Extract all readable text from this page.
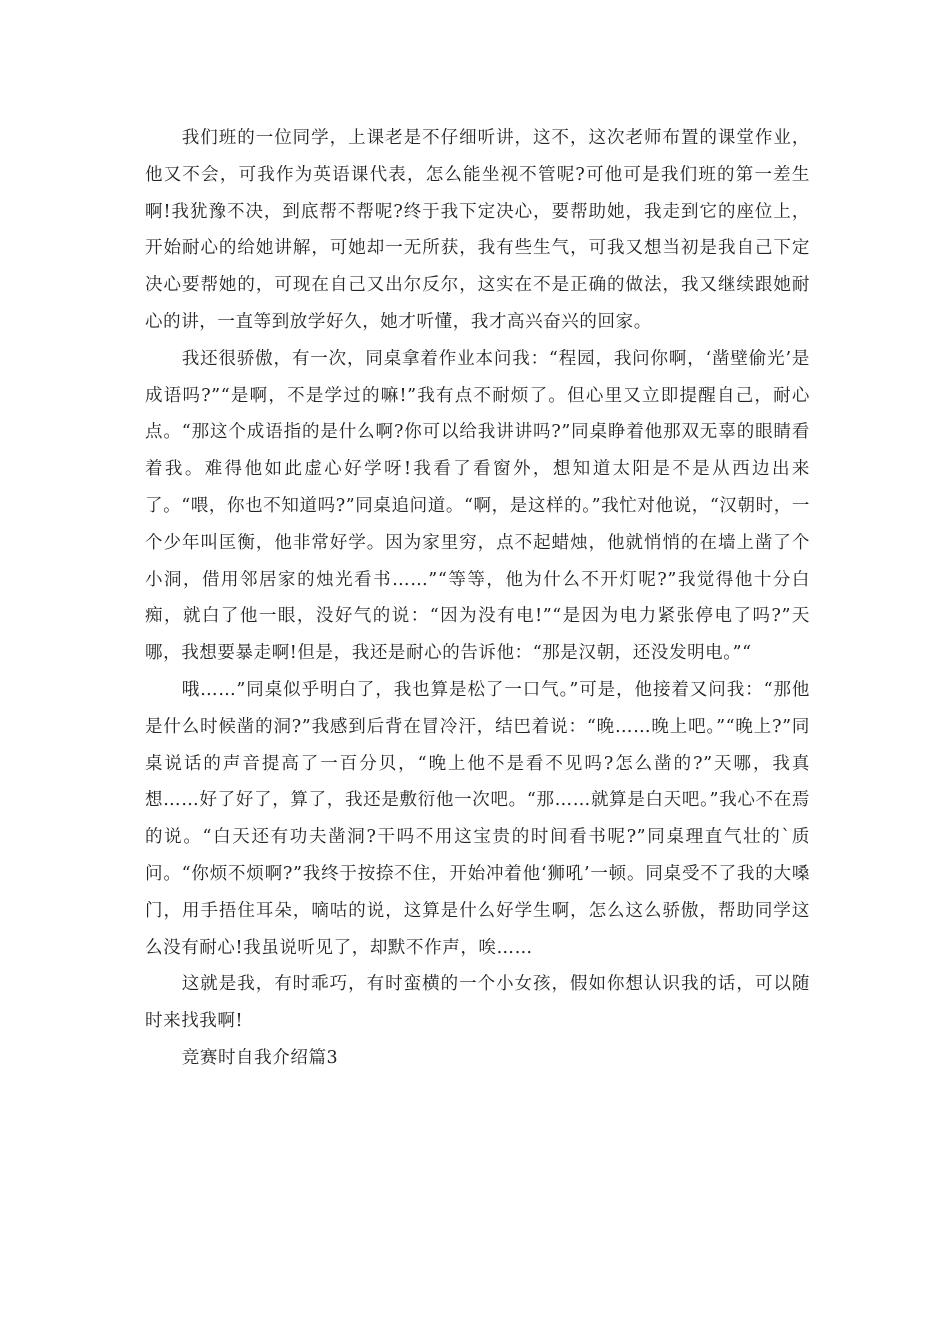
我们班的一位同学，上课老是不仔细听讲，这不，这次老师布置的课堂作业，他又不会，可我作为英语课代表，怎么能坐视不管呢?可他可是我们班的第一差生啊!我犹豫不决，到底帮不帮呢?终于我下定决心，要帮助她，我走到它的座位上，开始耐心的给她讲解，可她却一无所获，我有些生气，可我又想当初是我自己下定决心要帮她的，可现在自己又出尔反尔，这实在不是正确的做法，我又继续跟她耐心的讲，一直等到放学好久，她才听懂，我才高兴奋兴的回家。

我还很骄傲，有一次，同桌拿着作业本问我：“程园，我问你啊，‘凿壁偷光’是成语吗?”“是啊，不是学过的嘛!”我有点不耐烦了。但心里又立即提醒自己，耐心点。“那这个成语指的是什么啊?你可以给我讲讲吗?”同桌睁着他那双无辜的眼睛看着我。难得他如此虚心好学呀!我看了看窗外，想知道太阳是不是从西边出来了。“喂，你也不知道吗?”同桌追问道。“啊，是这样的。”我忙对他说，“汉朝时，一个少年叫匡衡，他非常好学。因为家里穷，点不起蜡烛，他就悄悄的在墙上凿了个小洞，借用邻居家的烛光看书……”“等等，他为什么不开灯呢?”我觉得他十分白痴，就白了他一眼，没好气的说：“因为没有电!”“是因为电力紧张停电了吗?”天哪，我想要暴走啊!但是，我还是耐心的告诉他：“那是汉朝，还没发明电。”“

哦……”同桌似乎明白了，我也算是松了一口气。”可是，他接着又问我：“那他是什么时候凿的洞?”我感到后背在冒冷汗，结巴着说：“晚……晚上吧。”“晚上?”同桌说话的声音提高了一百分贝，“晚上他不是看不见吗?怎么凿的?”天哪，我真想……好了好了，算了，我还是敷衍他一次吧。“那……就算是白天吧。”我心不在焉的说。“白天还有功夫凿洞?干吗不用这宝贵的时间看书呢?”同桌理直气壮的`质问。“你烦不烦啊?”我终于按捺不住，开始冲着他‘狮吼’一顿。同桌受不了我的大嗓门，用手捂住耳朵，嘀咕的说，这算是什么好学生啊，怎么这么骄傲，帮助同学这么没有耐心!我虽说听见了，却默不作声，唉……

这就是我，有时乖巧，有时蛮横的一个小女孩，假如你想认识我的话，可以随时来找我啊!

竞赛时自我介绍篇3
